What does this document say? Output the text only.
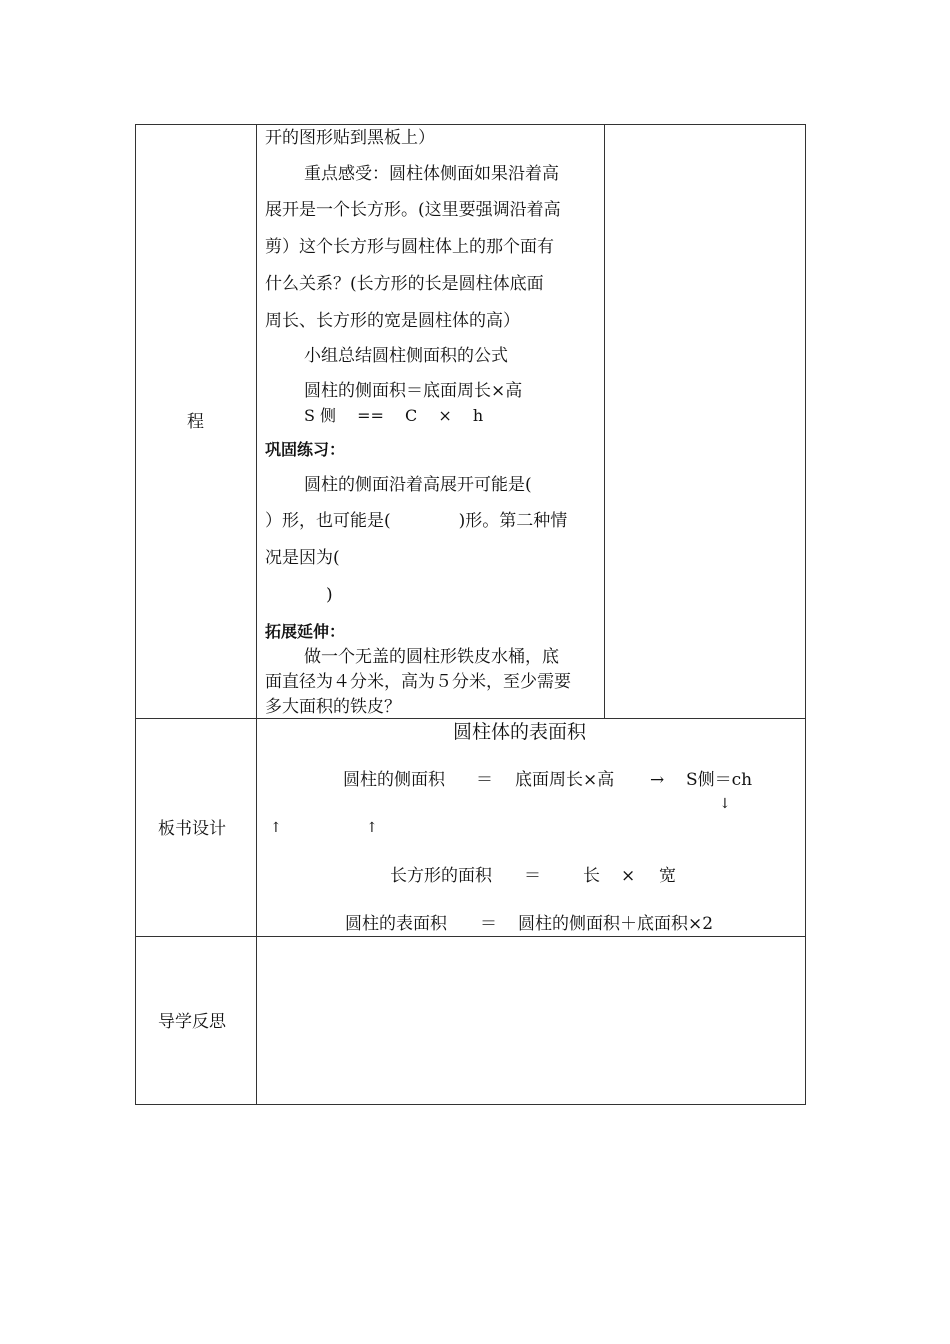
程
开的图形贴到黑板上）
重点感受：圆柱体侧面如果沿着高
展开是一个长方形。(这里要强调沿着高
剪）这个长方形与圆柱体上的那个面有
什么关系？(长方形的长是圆柱体底面
周长、长方形的宽是圆柱体的高）
小组总结圆柱侧面积的公式
圆柱的侧面积＝底面周长×高
S 侧　 ==　 C　 ×　 h
巩固练习：
圆柱的侧面沿着高展开可能是(
）形，也可能是(　　　　)形。第二种情
况是因为(
)
拓展延伸：
做一个无盖的圆柱形铁皮水桶，底
面直径为４分米，高为５分米，至少需要
多大面积的铁皮？
板书设计
圆柱体的表面积
圆柱的侧面积 ＝ 底面周长×高 → S侧＝ch
↓
↑	↑
长方形的面积 ＝ 长 × 宽
圆柱的表面积 ＝ 圆柱的侧面积＋底面积×2
导学反思
